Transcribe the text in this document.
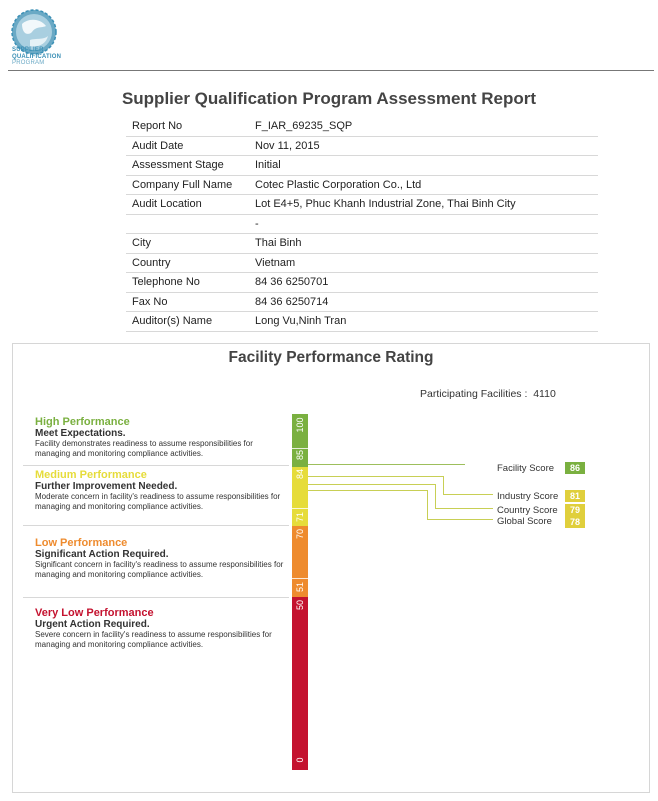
SUPPLIER
QUALIFICATION
PROGRAM
Supplier Qualification Program Assessment Report
Report No	F_IAR_69235_SQP
Audit Date	Nov 11, 2015
Assessment Stage	Initial
Company Full Name	Cotec Plastic Corporation Co., Ltd
Audit Location	Lot E4+5, Phuc Khanh Industrial Zone, Thai Binh City
	-
City	Thai Binh
Country	Vietnam
Telephone No	84 36 6250701
Fax No	84 36 6250714
Auditor(s) Name	Long Vu,Ninh Tran
Facility Performance Rating
Participating Facilities : 4110
High Performance
Meet Expectations.
Facility demonstrates readiness to assume responsibilities for managing and monitoring compliance activities.
Medium Performance
Further Improvement Needed.
Moderate concern in facility's readiness to assume responsibilities for
managing and monitoring compliance activities.
Low Performance
Significant Action Required.
Significant concern in facility's readiness to assume responsibilities for managing and monitoring compliance activities.
Very Low Performance
Urgent Action Required.
Severe concern in facility's readiness to assume responsibilities for managing and monitoring compliance activities.
100
85
84
71
70
51
50
0
Facility Score	86
Industry Score	81
Country Score	79
Global Score	78
